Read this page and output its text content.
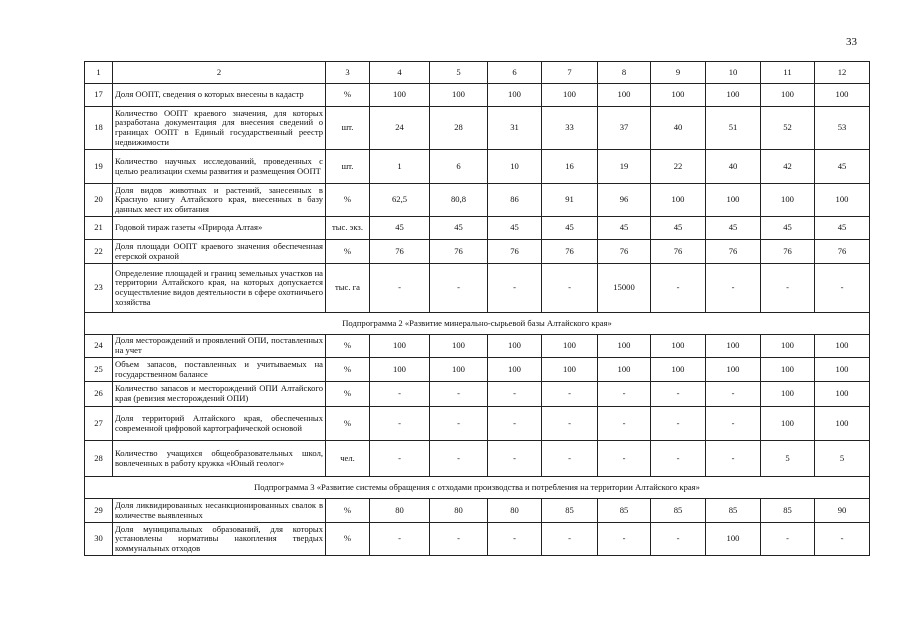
33
1	2	3	4	5	6	7	8	9	10	11	12
17	Доля ООПТ, сведения о которых внесены в кадастр	%	100	100	100	100	100	100	100	100	100
18	Количество ООПТ краевого значения, для которых разработана документация для внесения сведений о границах ООПТ в Единый государственный реестр недвижимости	шт.	24	28	31	33	37	40	51	52	53
19	Количество научных исследований, проведенных с целью реализации схемы развития и размещения ООПТ	шт.	1	6	10	16	19	22	40	42	45
20	Доля видов животных и растений, занесенных в Красную книгу Алтайского края, внесенных в базу данных мест их обитания	%	62,5	80,8	86	91	96	100	100	100	100
21	Годовой тираж газеты «Природа Алтая»	тыс. экз.	45	45	45	45	45	45	45	45	45
22	Доля площади ООПТ краевого значения обеспеченная егерской охраной	%	76	76	76	76	76	76	76	76	76
23	Определение площадей и границ земельных участков на территории Алтайского края, на которых допускается осуществление видов деятельности в сфере охотничьего хозяйства	тыс. га	-	-	-	-	15000	-	-	-	-
Подпрограмма 2 «Развитие минерально-сырьевой базы Алтайского края»											
24	Доля месторождений и проявлений ОПИ, поставленных на учет	%	100	100	100	100	100	100	100	100	100
25	Объем запасов, поставленных и учитываемых на государственном балансе	%	100	100	100	100	100	100	100	100	100
26	Количество запасов и месторождений ОПИ Алтайского края (ревизия месторождений ОПИ)	%	-	-	-	-	-	-	-	100	100
27	Доля территорий Алтайского края, обеспеченных современной цифровой картографической основой	%	-	-	-	-	-	-	-	100	100
28	Количество учащихся общеобразовательных школ, вовлеченных в работу кружка «Юный геолог»	чел.	-	-	-	-	-	-	-	5	5
Подпрограмма 3 «Развитие системы обращения с отходами производства и потребления на территории Алтайского края»											
29	Доля ликвидированных несанкционированных свалок в количестве выявленных	%	80	80	80	85	85	85	85	85	90
30	Доля муниципальных образований, для которых установлены нормативы накопления твердых коммунальных отходов	%	-	-	-	-	-	-	100	-	-
